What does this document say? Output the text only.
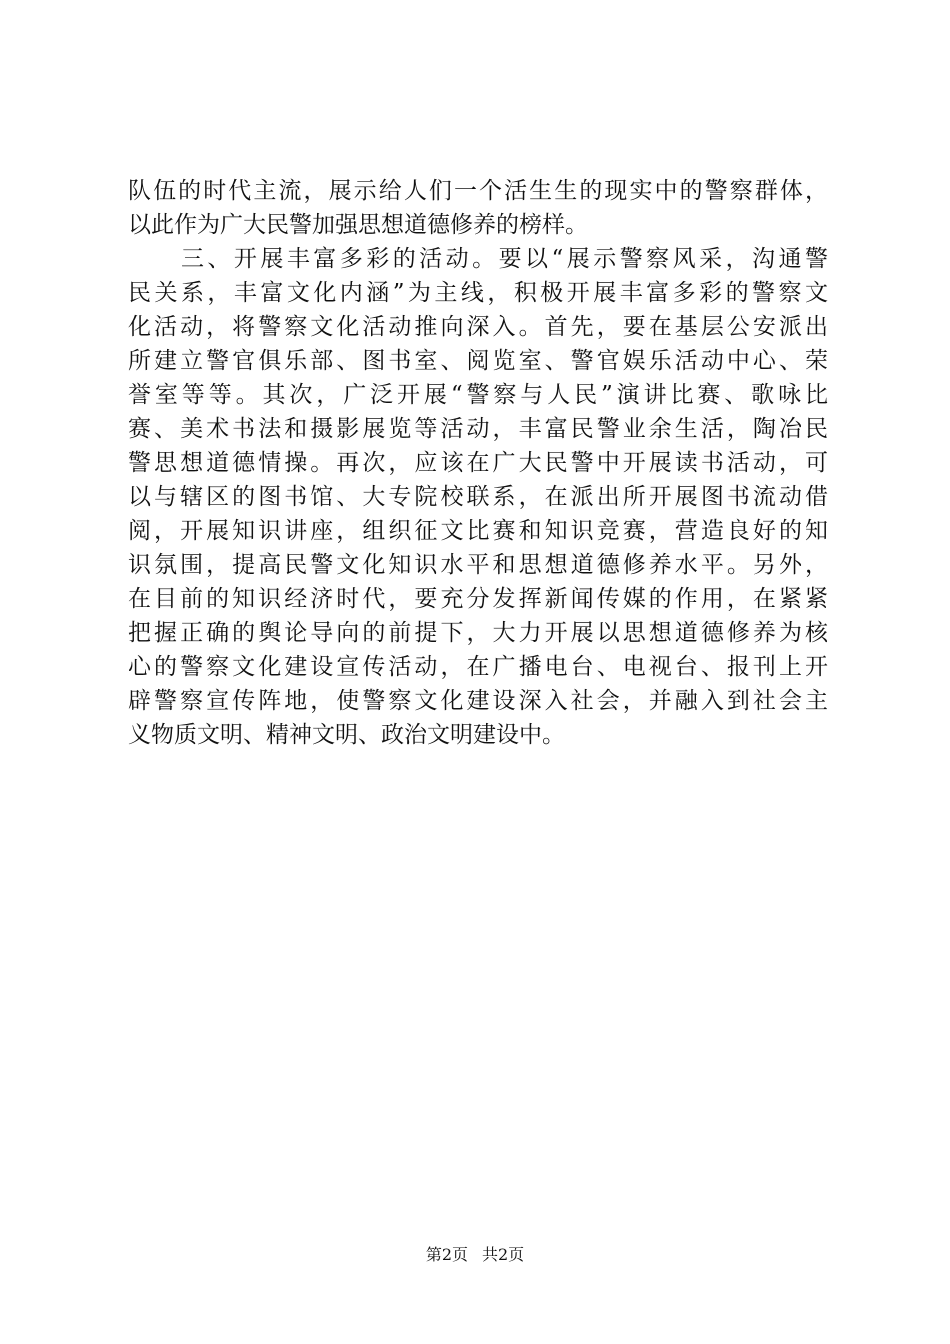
队伍的时代主流，展示给人们一个活生生的现实中的警察群体，
以此作为广大民警加强思想道德修养的榜样。
　　三、开展丰富多彩的活动。要以“展示警察风采，沟通警
民关系，丰富文化内涵”为主线，积极开展丰富多彩的警察文
化活动，将警察文化活动推向深入。首先，要在基层公安派出
所建立警官俱乐部、图书室、阅览室、警官娱乐活动中心、荣
誉室等等。其次，广泛开展“警察与人民”演讲比赛、歌咏比
赛、美术书法和摄影展览等活动，丰富民警业余生活，陶冶民
警思想道德情操。再次，应该在广大民警中开展读书活动，可
以与辖区的图书馆、大专院校联系，在派出所开展图书流动借
阅，开展知识讲座，组织征文比赛和知识竞赛，营造良好的知
识氛围，提高民警文化知识水平和思想道德修养水平。另外，
在目前的知识经济时代，要充分发挥新闻传媒的作用，在紧紧
把握正确的舆论导向的前提下，大力开展以思想道德修养为核
心的警察文化建设宣传活动，在广播电台、电视台、报刊上开
辟警察宣传阵地，使警察文化建设深入社会，并融入到社会主
义物质文明、精神文明、政治文明建设中。
第2页 共2页
